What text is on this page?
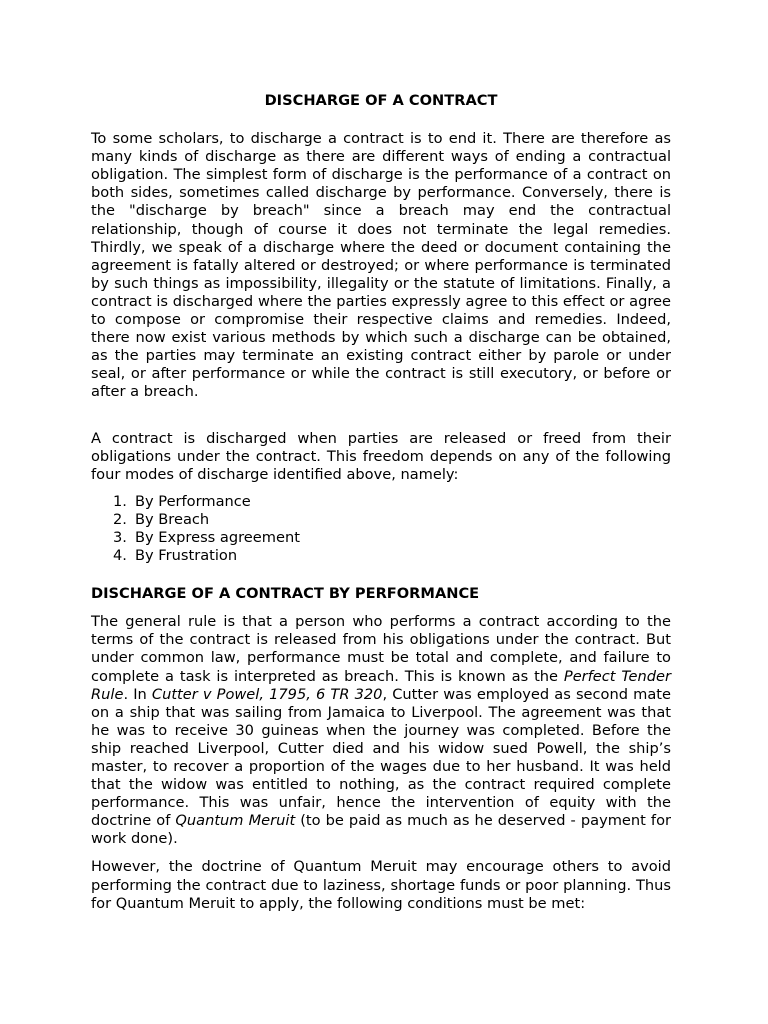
DISCHARGE OF A CONTRACT

To some scholars, to discharge a contract is to end it. There are therefore as many kinds of discharge as there are different ways of ending a contractual obligation. The simplest form of discharge is the performance of a contract on both sides, sometimes called discharge by performance. Conversely, there is the "discharge by breach" since a breach may end the contractual relationship, though of course it does not terminate the legal remedies. Thirdly, we speak of a discharge where the deed or document containing the agreement is fatally altered or destroyed; or where performance is terminated by such things as impossibility, illegality or the statute of limitations. Finally, a contract is discharged where the parties expressly agree to this effect or agree to compose or compromise their respective claims and remedies. Indeed, there now exist various methods by which such a discharge can be obtained, as the parties may terminate an existing contract either by parole or under seal, or after performance or while the contract is still executory, or before or after a breach.

A contract is discharged when parties are released or freed from their obligations under the contract. This freedom depends on any of the following four modes of discharge identified above, namely:

1. By Performance
2. By Breach
3. By Express agreement
4. By Frustration
DISCHARGE OF A CONTRACT BY PERFORMANCE

The general rule is that a person who performs a contract according to the terms of the contract is released from his obligations under the contract. But under common law, performance must be total and complete, and failure to complete a task is interpreted as breach. This is known as the Perfect Tender Rule. In Cutter v Powel, 1795, 6 TR 320, Cutter was employed as second mate on a ship that was sailing from Jamaica to Liverpool. The agreement was that he was to receive 30 guineas when the journey was completed. Before the ship reached Liverpool, Cutter died and his widow sued Powell, the ship’s master, to recover a proportion of the wages due to her husband. It was held that the widow was entitled to nothing, as the contract required complete performance. This was unfair, hence the intervention of equity with the doctrine of Quantum Meruit (to be paid as much as he deserved - payment for work done).

However, the doctrine of Quantum Meruit may encourage others to avoid performing the contract due to laziness, shortage funds or poor planning. Thus for Quantum Meruit to apply, the following conditions must be met:
